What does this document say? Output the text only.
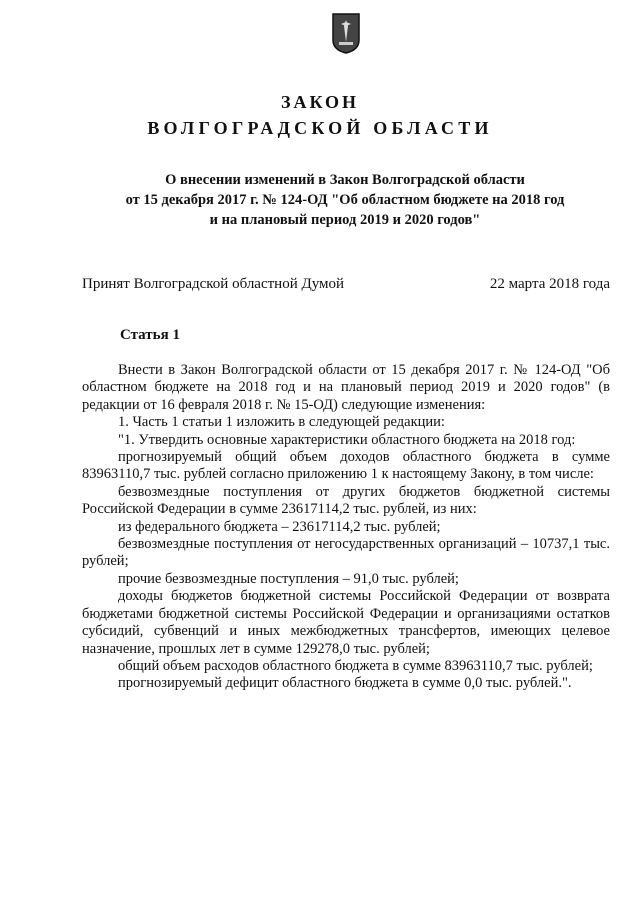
ЗАКОН
ВОЛГОГРАДСКОЙ ОБЛАСТИ
О внесении изменений в Закон Волгоградской области
от 15 декабря 2017 г. № 124-ОД "Об областном бюджете на 2018 год
и на плановый период 2019 и 2020 годов"
Принят Волгоградской областной Думой	22 марта 2018 года
Статья 1

Внести в Закон Волгоградской области от 15 декабря 2017 г. № 124-ОД "Об областном бюджете на 2018 год и на плановый период 2019 и 2020 годов" (в редакции от 16 февраля 2018 г. № 15-ОД) следующие изменения:

1. Часть 1 статьи 1 изложить в следующей редакции:

"1. Утвердить основные характеристики областного бюджета на 2018 год:

прогнозируемый общий объем доходов областного бюджета в сумме 83963110,7 тыс. рублей согласно приложению 1 к настоящему Закону, в том числе:

безвозмездные поступления от других бюджетов бюджетной системы Российской Федерации в сумме 23617114,2 тыс. рублей, из них:

из федерального бюджета – 23617114,2 тыс. рублей;

безвозмездные поступления от негосударственных организаций – 10737,1 тыс. рублей;

прочие безвозмездные поступления – 91,0 тыс. рублей;

доходы бюджетов бюджетной системы Российской Федерации от возврата бюджетами бюджетной системы Российской Федерации и организациями остатков субсидий, субвенций и иных межбюджетных трансфертов, имеющих целевое назначение, прошлых лет в сумме 129278,0 тыс. рублей;

общий объем расходов областного бюджета в сумме 83963110,7 тыс. рублей;

прогнозируемый дефицит областного бюджета в сумме 0,0 тыс. рублей.".
